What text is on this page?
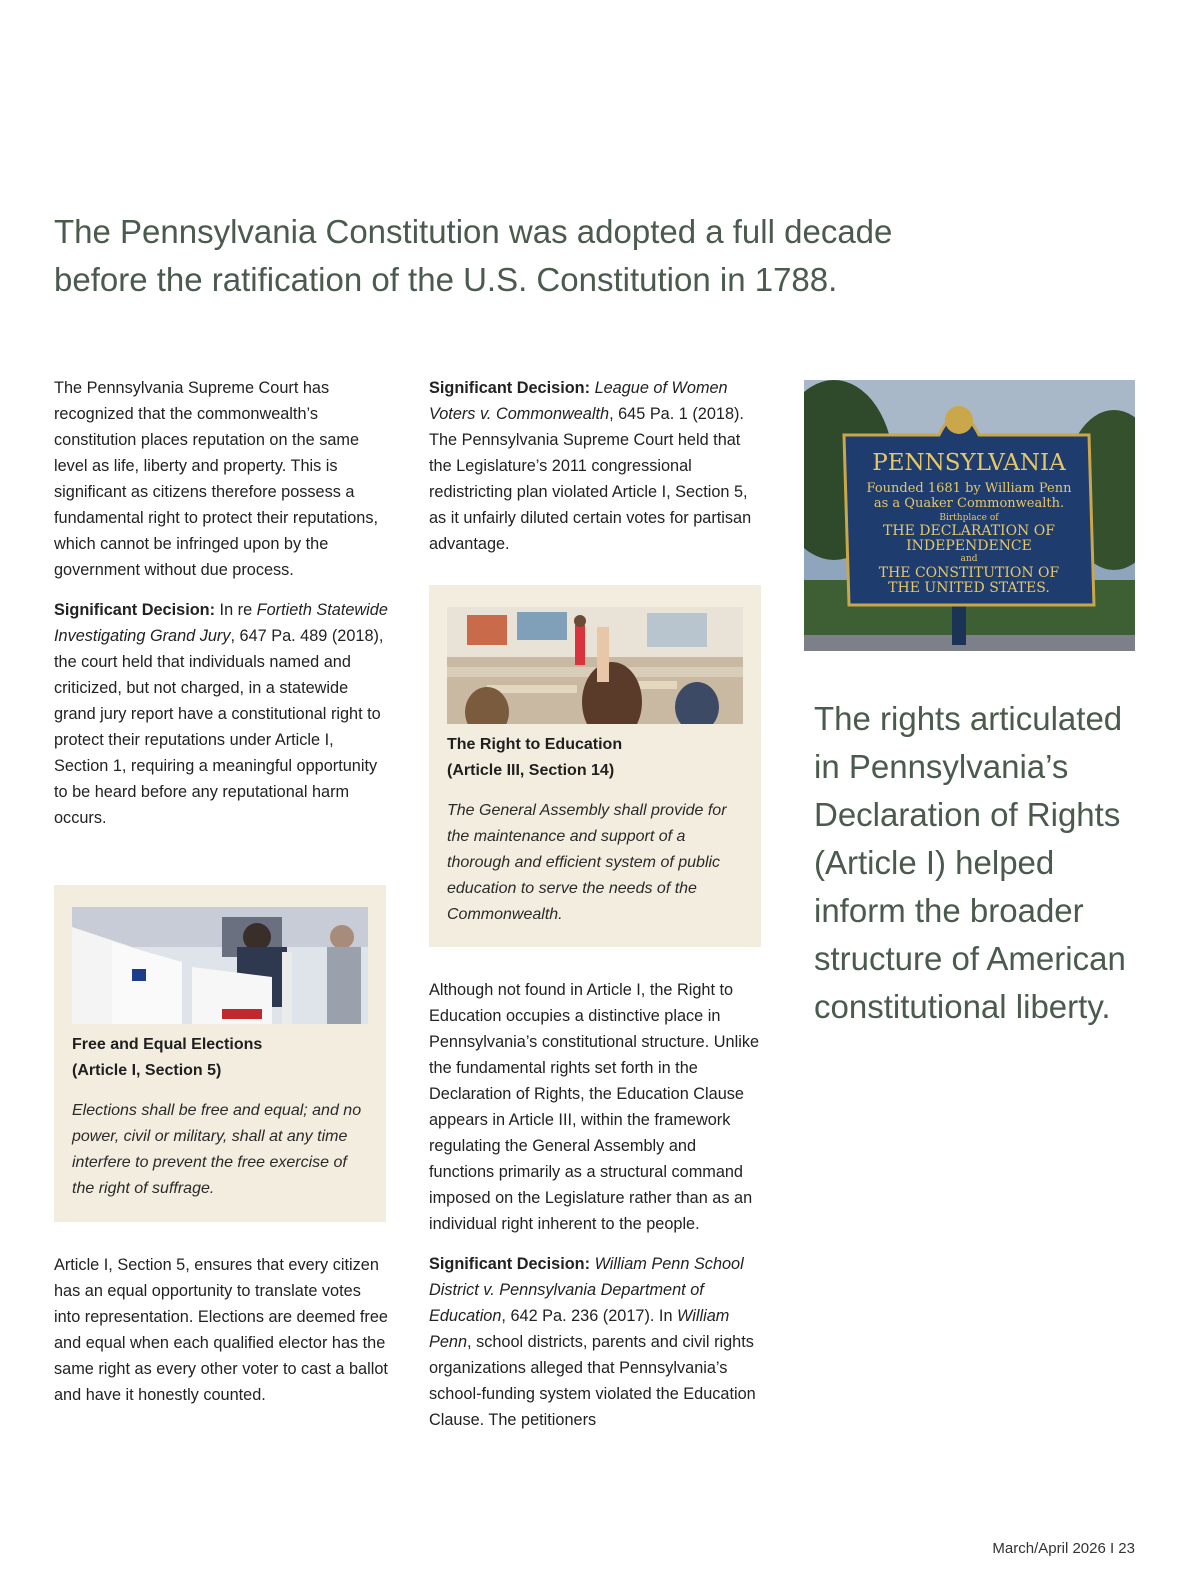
The Pennsylvania Constitution was adopted a full decade
before the ratification of the U.S. Constitution in 1788.

The Pennsylvania Supreme Court has recognized that the commonwealth’s constitution places reputation on the same level as life, liberty and property. This is significant as citizens therefore possess a fundamental right to protect their reputations, which cannot be infringed upon by the government without due process.

Significant Decision: In re Fortieth Statewide Investigating Grand Jury, 647 Pa. 489 (2018), the court held that individuals named and criticized, but not charged, in a statewide grand jury report have a constitutional right to protect their reputations under Article I, Section 1, requiring a meaningful opportunity to be heard before any reputational harm occurs.

Free and Equal Elections
(Article I, Section 5)
Elections shall be free and equal; and no power, civil or military, shall at any time interfere to prevent the free exercise of the right of suffrage.

Article I, Section 5, ensures that every citizen has an equal opportunity to translate votes into representation. Elections are deemed free and equal when each qualified elector has the same right as every other voter to cast a ballot and have it honestly counted.

Significant Decision: League of Women Voters v. Commonwealth, 645 Pa. 1 (2018). The Pennsylvania Supreme Court held that the Legislature’s 2011 congressional redistricting plan violated Article I, Section 5, as it unfairly diluted certain votes for partisan advantage.

The Right to Education
(Article III, Section 14)
The General Assembly shall provide for the maintenance and support of a thorough and efficient system of public education to serve the needs of the Commonwealth.

Although not found in Article I, the Right to Education occupies a distinctive place in Pennsylvania’s constitutional structure. Unlike the fundamental rights set forth in the Declaration of Rights, the Education Clause appears in Article III, within the framework regulating the General Assembly and functions primarily as a structural command imposed on the Legislature rather than as an individual right inherent to the people.

Significant Decision: William Penn School District v. Pennsylvania Department of Education, 642 Pa. 236 (2017). In William Penn, school districts, parents and civil rights organizations alleged that Pennsylvania’s school-funding system violated the Education Clause. The petitioners

PENNSYLVANIA
Founded 1681 by William Penn
as a Quaker Commonwealth.
Birthplace of
THE DECLARATION OF
INDEPENDENCE
and
THE CONSTITUTION OF
THE UNITED STATES.
The rights articulated in Pennsylvania’s Declaration of Rights (Article I) helped inform the broader structure of American constitutional liberty.
March/April 2026 I 23
